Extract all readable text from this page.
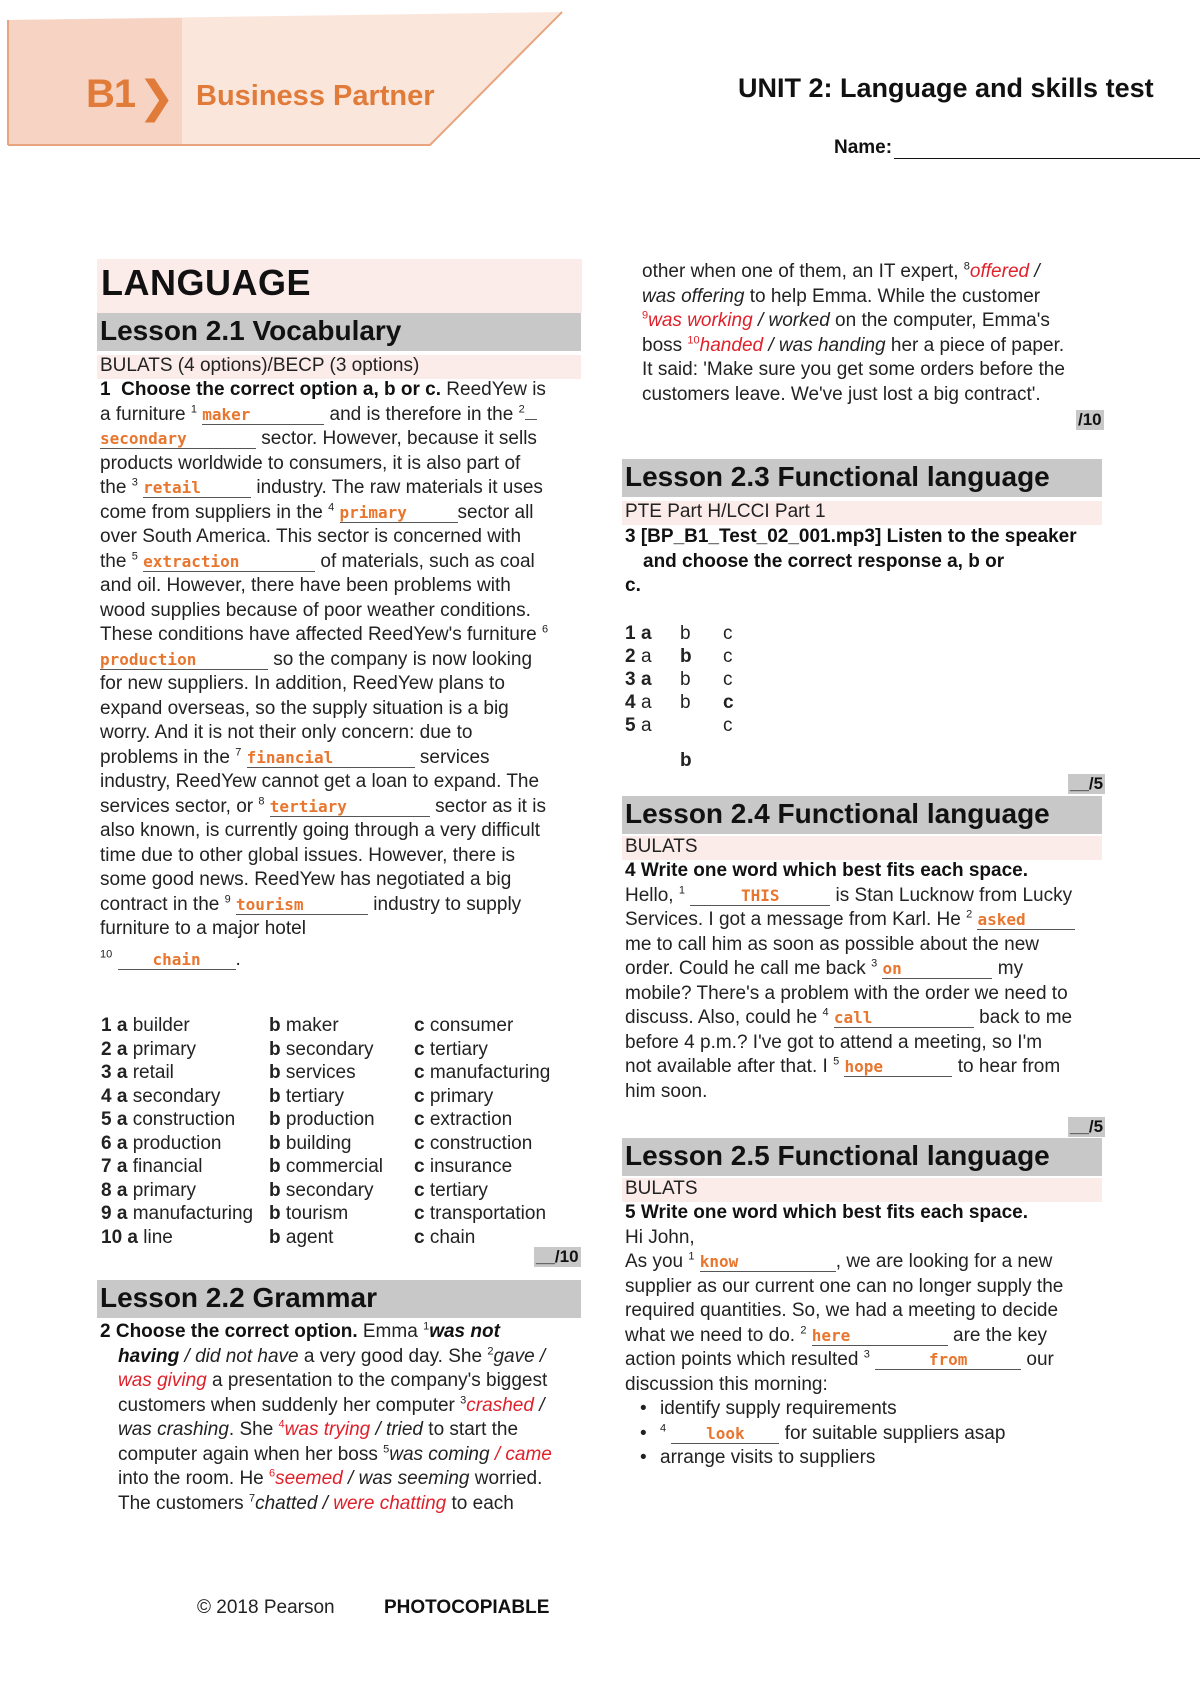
B1 ❯ Business Partner	UNIT 2: Language and skills test
Name:
LANGUAGE
Lesson 2.1 Vocabulary
BULATS (4 options)/BECP (3 options)
1 Choose the correct option a, b or c. ReedYew is
a furniture $^1$ maker	and is therefore in the $^2$
secondary	sector. However, because it sells
products worldwide to consumers, it is also part of
the $^3$ retail	industry. The raw materials it uses
come from suppliers in the $^4$ primary	sector all
over South America. This sector is concerned with
the $^5$ extraction	of materials, such as coal
and oil. However, there have been problems with
wood supplies because of poor weather conditions.
These conditions have affected ReedYew's furniture $^6$
production	so the company is now looking
for new suppliers. In addition, ReedYew plans to
expand overseas, so the supply situation is a big
worry. And it is not their only concern: due to
problems in the $^7$ financial	services
industry, ReedYew cannot get a loan to expand. The
services sector, or $^8$ tertiary	sector as it is
also known, is currently going through a very difficult
time due to other global issues. However, there is
some good news. ReedYew has negotiated a big
contract in the $^9$ tourism	industry to supply
furniture to a major hotel
$^{10}$	chain .
1 a builder	b maker	c consumer
2 a primary	b secondary c tertiary
3 a retail	b services	c manufacturing
4 a secondary	b tertiary	c primary
5 a construction b production c extraction
6 a production	b building	c construction
7 a financial	b commercial c insurance
8 a primary	b secondary c tertiary
9 a manufacturing b tourism	c transportation
10 a line	b agent	c chain
__/10
Lesson 2.2 Grammar
2 Choose the correct option. Emma $^1$was not
having / did not have a very good day. She $^2$gave /
was giving a presentation to the company's biggest
customers when suddenly her computer $^3$crashed /
was crashing. She $^4$was trying / tried to start the
computer again when her boss $^5$was coming / came
into the room. He $^6$seemed / was seeming worried.
The customers $^7$chatted / were chatting to each
other when one of them, an IT expert, $^8$offered /
was offering to help Emma. While the customer
$^9$was working / worked on the computer, Emma's
boss $^{10}$handed / was handing her a piece of paper.
It said: 'Make sure you get some orders before the
customers leave. We've just lost a big contract'.
/10
Lesson 2.3 Functional language
PTE Part H/LCCI Part 1
3 [BP_B1_Test_02_001.mp3] Listen to the speaker
and choose the correct response a, b or
c.
1 a b c
2 a b c
3 a b c
4 a b c
5 a	c
b
__/5
Lesson 2.4 Functional language
BULATS
4 Write one word which best fits each space.
Hello, $^1$	THIS	is Stan Lucknow from Lucky
Services. I got a message from Karl. He $^2$ asked
me to call him as soon as possible about the new
order. Could he call me back $^3$ on	my
mobile? There's a problem with the order we need to
discuss. Also, could he $^4$ call	back to me
before 4 p.m.? I've got to attend a meeting, so I'm
not available after that. I $^5$ hope	to hear from
him soon.
__/5
Lesson 2.5 Functional language
BULATS
5 Write one word which best fits each space.
Hi John,
As you $^1$ know	, we are looking for a new
supplier as our current one can no longer supply the
required quantities. So, we had a meeting to decide
what we need to do. $^2$ here	are the key
action points which resulted $^3$	from	our
discussion this morning:
• identify supply requirements
• $^4$	look for suitable suppliers asap
• arrange visits to suppliers
© 2018 Pearson	PHOTOCOPIABLE
